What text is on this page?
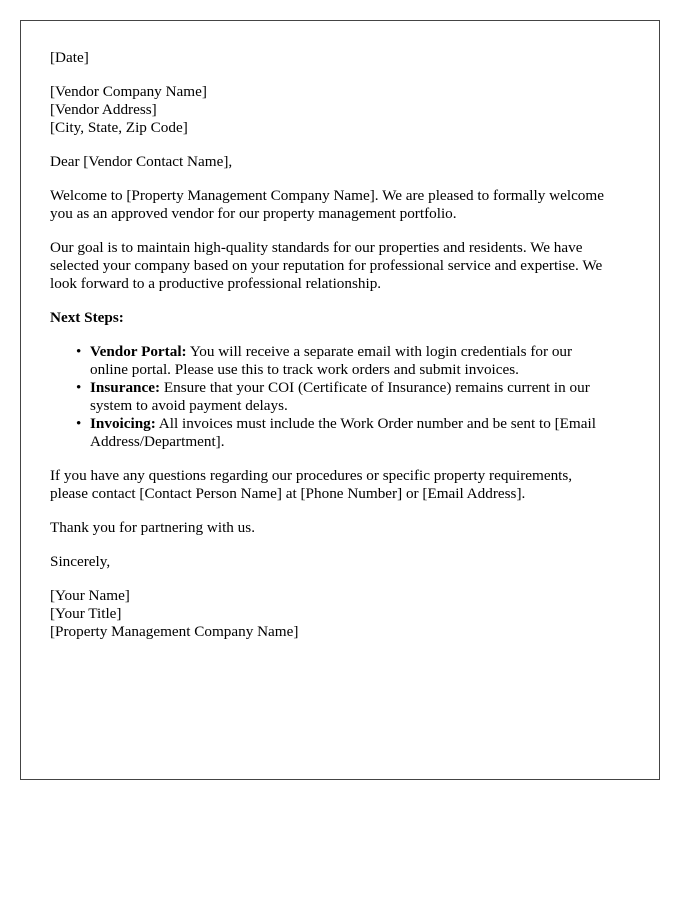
[Date]
[Vendor Company Name]
[Vendor Address]
[City, State, Zip Code]
Dear [Vendor Contact Name],
Welcome to [Property Management Company Name]. We are pleased to formally welcome
you as an approved vendor for our property management portfolio.
Our goal is to maintain high-quality standards for our properties and residents. We have
selected your company based on your reputation for professional service and expertise. We
look forward to a productive professional relationship.
Next Steps:
• Vendor Portal: You will receive a separate email with login credentials for our
online portal. Please use this to track work orders and submit invoices.
• Insurance: Ensure that your COI (Certificate of Insurance) remains current in our
system to avoid payment delays.
• Invoicing: All invoices must include the Work Order number and be sent to [Email
Address/Department].
If you have any questions regarding our procedures or specific property requirements,
please contact [Contact Person Name] at [Phone Number] or [Email Address].
Thank you for partnering with us.
Sincerely,
[Your Name]
[Your Title]
[Property Management Company Name]
